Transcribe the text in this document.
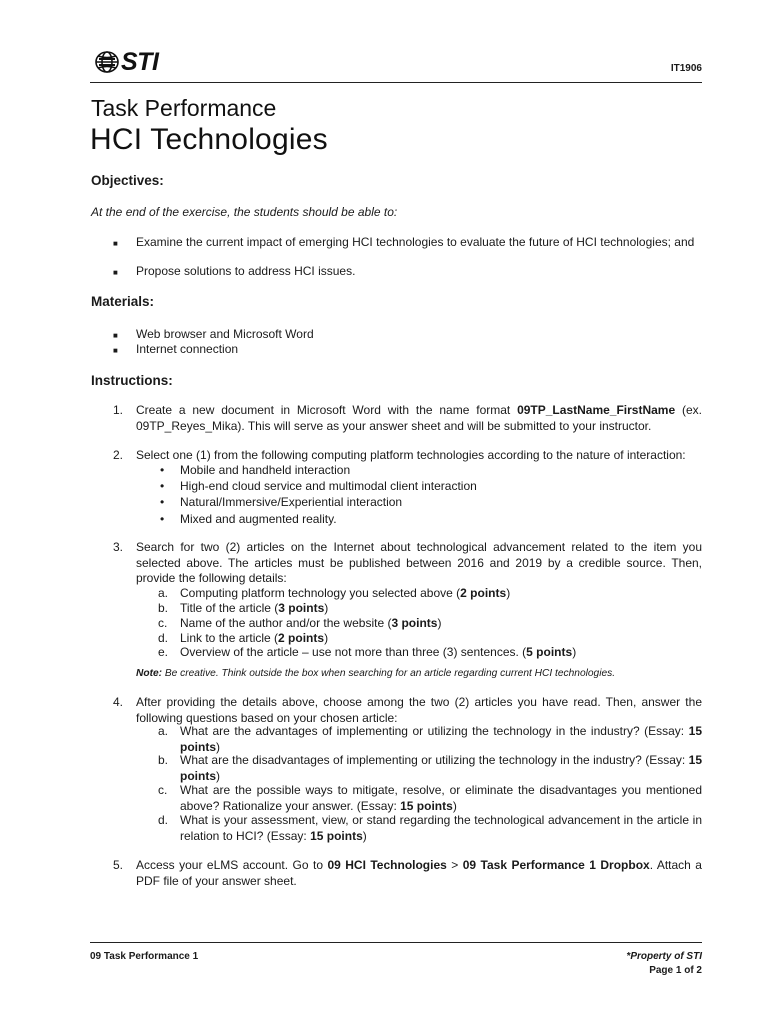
STI	IT1906
Task Performance
HCI Technologies
Objectives:
At the end of the exercise, the students should be able to:
■ Examine the current impact of emerging HCI technologies to evaluate the future of HCI technologies; and
■ Propose solutions to address HCI issues.
Materials:
■ Web browser and Microsoft Word
■ Internet connection
Instructions:
1. Create a new document in Microsoft Word with the name format 09TP_LastName_FirstName (ex. 09TP_Reyes_Mika). This will serve as your answer sheet and will be submitted to your instructor.
2. Select one (1) from the following computing platform technologies according to the nature of interaction:
• Mobile and handheld interaction
• High-end cloud service and multimodal client interaction
• Natural/Immersive/Experiential interaction
• Mixed and augmented reality.
3. Search for two (2) articles on the Internet about technological advancement related to the item you selected above. The articles must be published between 2016 and 2019 by a credible source. Then, provide the following details:
a. Computing platform technology you selected above (2 points)
b. Title of the article (3 points)
c. Name of the author and/or the website (3 points)
d. Link to the article (2 points)
e. Overview of the article – use not more than three (3) sentences. (5 points)
Note: Be creative. Think outside the box when searching for an article regarding current HCI technologies.
4. After providing the details above, choose among the two (2) articles you have read. Then, answer the following questions based on your chosen article:
a. What are the advantages of implementing or utilizing the technology in the industry? (Essay: 15 points)
b. What are the disadvantages of implementing or utilizing the technology in the industry? (Essay: 15 points)
c. What are the possible ways to mitigate, resolve, or eliminate the disadvantages you mentioned above? Rationalize your answer. (Essay: 15 points)
d. What is your assessment, view, or stand regarding the technological advancement in the article in relation to HCI? (Essay: 15 points)
5. Access your eLMS account. Go to 09 HCI Technologies > 09 Task Performance 1 Dropbox. Attach a PDF file of your answer sheet.
09 Task Performance 1	*Property of STI
Page 1 of 2
